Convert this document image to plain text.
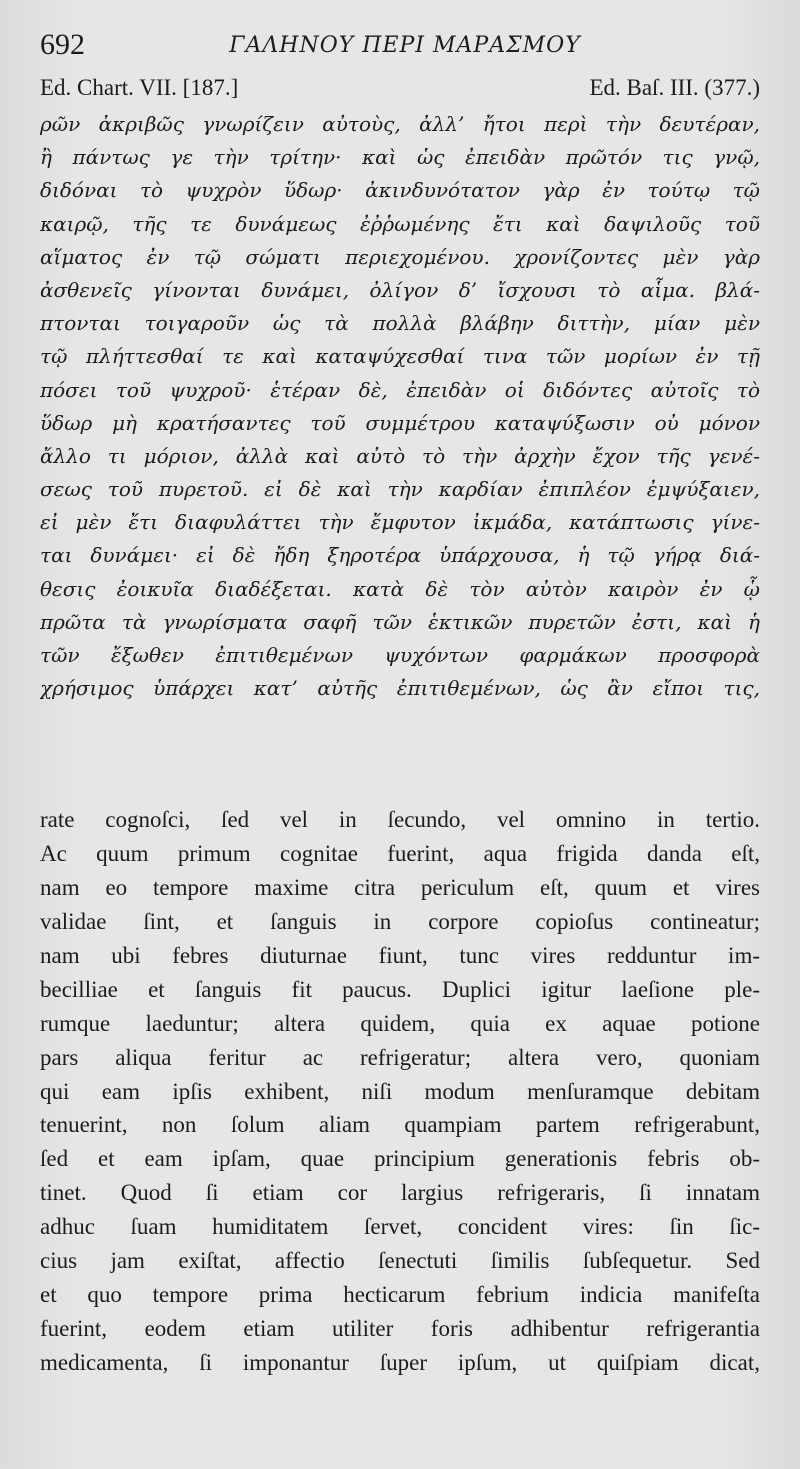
692	ΓΑΛΗΝΟΥ ΠΕΡΙ ΜΑΡΑΣΜΟΥ
Ed. Chart. VII. [187.]	Ed. Baſ. III. (377.)
ρῶν ἀκριβῶς γνωρίζειν αὐτοὺς, ἀλλ’ ἤτοι περὶ τὴν δευτέραν,
ἢ πάντως γε τὴν τρίτην· καὶ ὡς ἐπειδὰν πρῶτόν τις γνῷ,
διδόναι τὸ ψυχρὸν ὕδωρ· ἀκινδυνότατον γὰρ ἐν τούτῳ τῷ
καιρῷ, τῆς τε δυνάμεως ἐῤῥωμένης ἔτι καὶ δαψιλοῦς τοῦ
αἵματος ἐν τῷ σώματι περιεχομένου. χρονίζοντες μὲν γὰρ
ἀσθενεῖς γίνονται δυνάμει, ὀλίγον δ’ ἴσχουσι τὸ αἷμα. βλά-
πτονται τοιγαροῦν ὡς τὰ πολλὰ βλάβην διττὴν, μίαν μὲν
τῷ πλήττεσθαί τε καὶ καταψύχεσθαί τινα τῶν μορίων ἐν τῇ
πόσει τοῦ ψυχροῦ· ἑτέραν δὲ, ἐπειδὰν οἱ διδόντες αὐτοῖς τὸ
ὕδωρ μὴ κρατήσαντες τοῦ συμμέτρου καταψύξωσιν οὐ μόνον
ἄλλο τι μόριον, ἀλλὰ καὶ αὐτὸ τὸ τὴν ἀρχὴν ἔχον τῆς γενέ-
σεως τοῦ πυρετοῦ. εἰ δὲ καὶ τὴν καρδίαν ἐπιπλέον ἐμψύξαιεν,
εἰ μὲν ἔτι διαφυλάττει τὴν ἔμφυτον ἰκμάδα, κατάπτωσις γίνε-
ται δυνάμει· εἰ δὲ ἤδη ξηροτέρα ὑπάρχουσα, ἡ τῷ γήρᾳ διά-
θεσις ἐοικυῖα διαδέξεται. κατὰ δὲ τὸν αὐτὸν καιρὸν ἐν ᾧ
πρῶτα τὰ γνωρίσματα σαφῆ τῶν ἑκτικῶν πυρετῶν ἐστι, καὶ ἡ
τῶν ἔξωθεν ἐπιτιθεμένων ψυχόντων φαρμάκων προσφορὰ
χρήσιμος ὑπάρχει κατ’ αὐτῆς ἐπιτιθεμένων, ὡς ἂν εἴποι τις,
rate cognoſci, ſed vel in ſecundo, vel omnino in tertio.
Ac quum primum cognitae fuerint, aqua frigida danda eſt,
nam eo tempore maxime citra periculum eſt, quum et vires
validae ſint, et ſanguis in corpore copioſus contineatur;
nam ubi febres diuturnae fiunt, tunc vires redduntur im-
becilliae et ſanguis fit paucus. Duplici igitur laeſione ple-
rumque laeduntur; altera quidem, quia ex aquae potione
pars aliqua feritur ac refrigeratur; altera vero, quoniam
qui eam ipſis exhibent, niſi modum menſuramque debitam
tenuerint, non ſolum aliam quampiam partem refrigerabunt,
ſed et eam ipſam, quae principium generationis febris ob-
tinet. Quod ſi etiam cor largius refrigeraris, ſi innatam
adhuc ſuam humiditatem ſervet, concident vires: ſin ſic-
cius jam exiſtat, affectio ſenectuti ſimilis ſubſequetur. Sed
et quo tempore prima hecticarum febrium indicia manifeſta
fuerint, eodem etiam utiliter foris adhibentur refrigerantia
medicamenta, ſi imponantur ſuper ipſum, ut quiſpiam dicat,
